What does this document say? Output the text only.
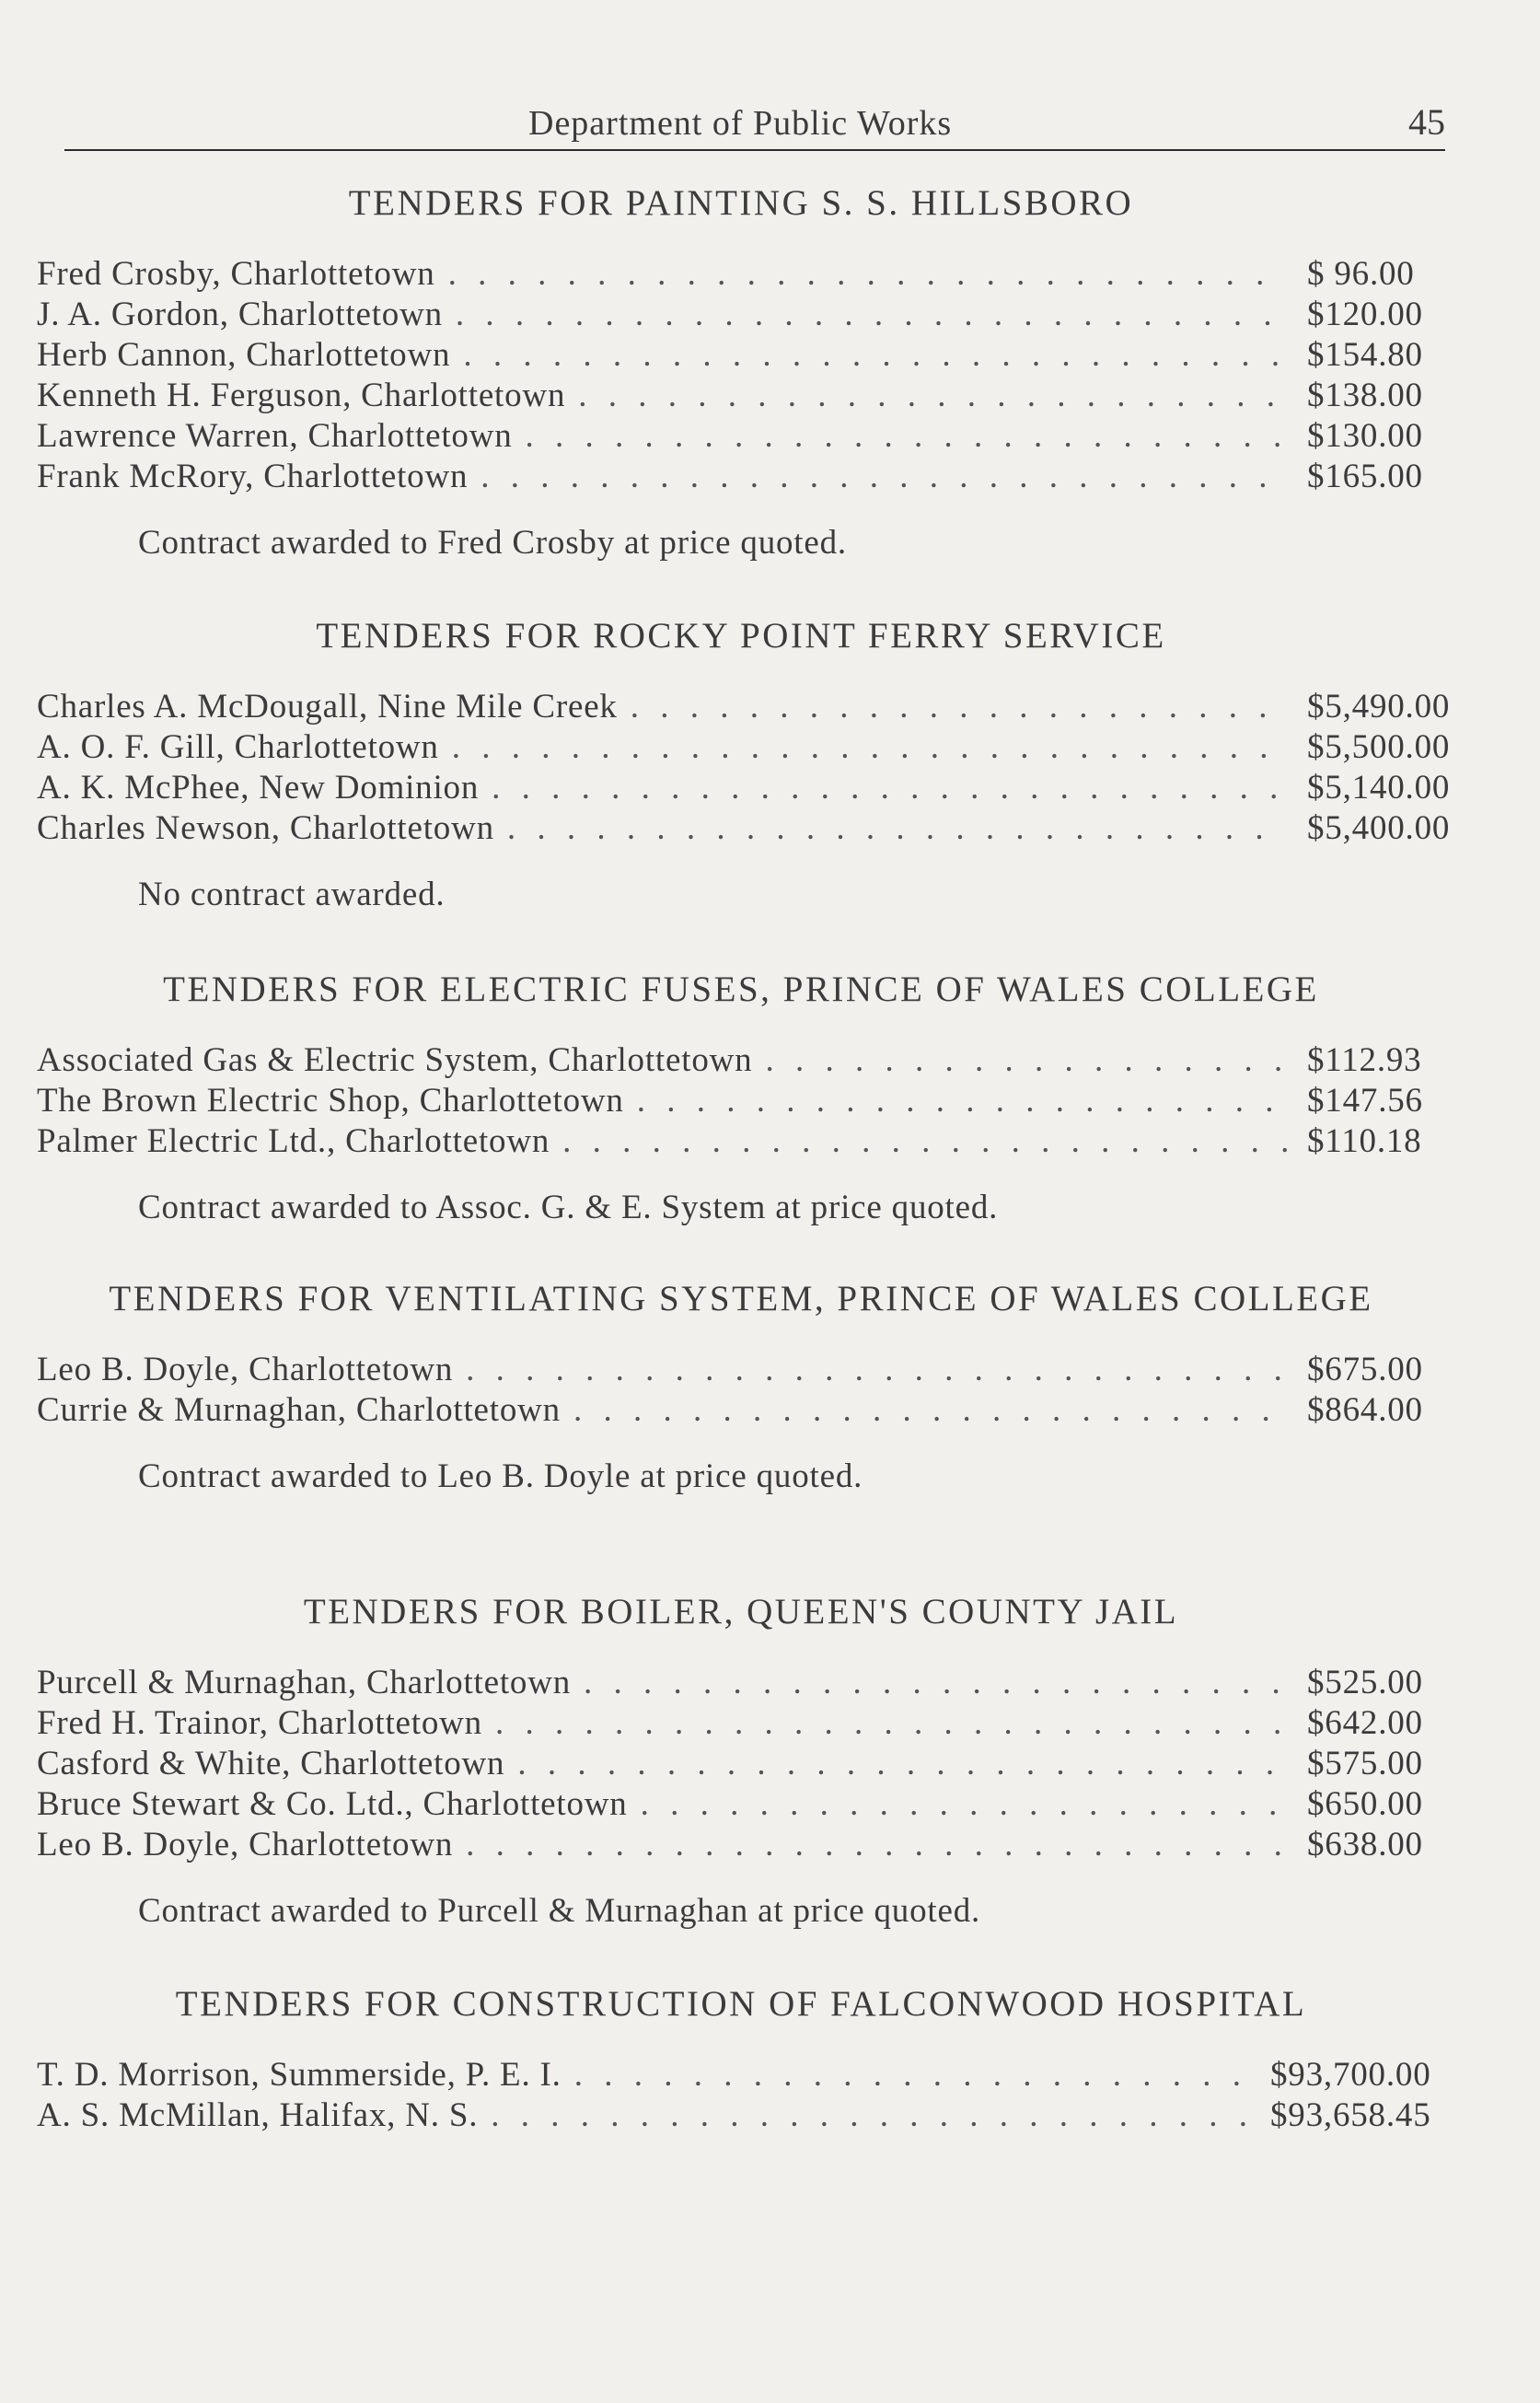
Department of Public Works	45
TENDERS FOR PAINTING S. S. HILLSBORO
Fred Crosby, Charlottetown . . .	$ 96.00
J. A. Gordon, Charlottetown . . .	$120.00
Herb Cannon, Charlottetown . . .	$154.80
Kenneth H. Ferguson, Charlottetown . . .	$138.00
Lawrence Warren, Charlottetown . . .	$130.00
Frank McRory, Charlottetown . . .	$165.00

Contract awarded to Fred Crosby at price quoted.

TENDERS FOR ROCKY POINT FERRY SERVICE
Charles A. McDougall, Nine Mile Creek . . .	$5,490.00
A. O. F. Gill, Charlottetown . . .	$5,500.00
A. K. McPhee, New Dominion . . .	$5,140.00
Charles Newson, Charlottetown . . .	$5,400.00

No contract awarded.

TENDERS FOR ELECTRIC FUSES, PRINCE OF WALES COLLEGE
Associated Gas & Electric System, Charlottetown . . .	$112.93
The Brown Electric Shop, Charlottetown . . .	$147.56
Palmer Electric Ltd., Charlottetown . . .	$110.18

Contract awarded to Assoc. G. & E. System at price quoted.

TENDERS FOR VENTILATING SYSTEM, PRINCE OF WALES COLLEGE
Leo B. Doyle, Charlottetown . . .	$675.00
Currie & Murnaghan, Charlottetown . . .	$864.00

Contract awarded to Leo B. Doyle at price quoted.

TENDERS FOR BOILER, QUEEN'S COUNTY JAIL
Purcell & Murnaghan, Charlottetown . . .	$525.00
Fred H. Trainor, Charlottetown . . .	$642.00
Casford & White, Charlottetown . . .	$575.00
Bruce Stewart & Co. Ltd., Charlottetown . . .	$650.00
Leo B. Doyle, Charlottetown . . .	$638.00

Contract awarded to Purcell & Murnaghan at price quoted.

TENDERS FOR CONSTRUCTION OF FALCONWOOD HOSPITAL
T. D. Morrison, Summerside, P. E. I. . . .	$93,700.00
A. S. McMillan, Halifax, N. S. . . .	$93,658.45
